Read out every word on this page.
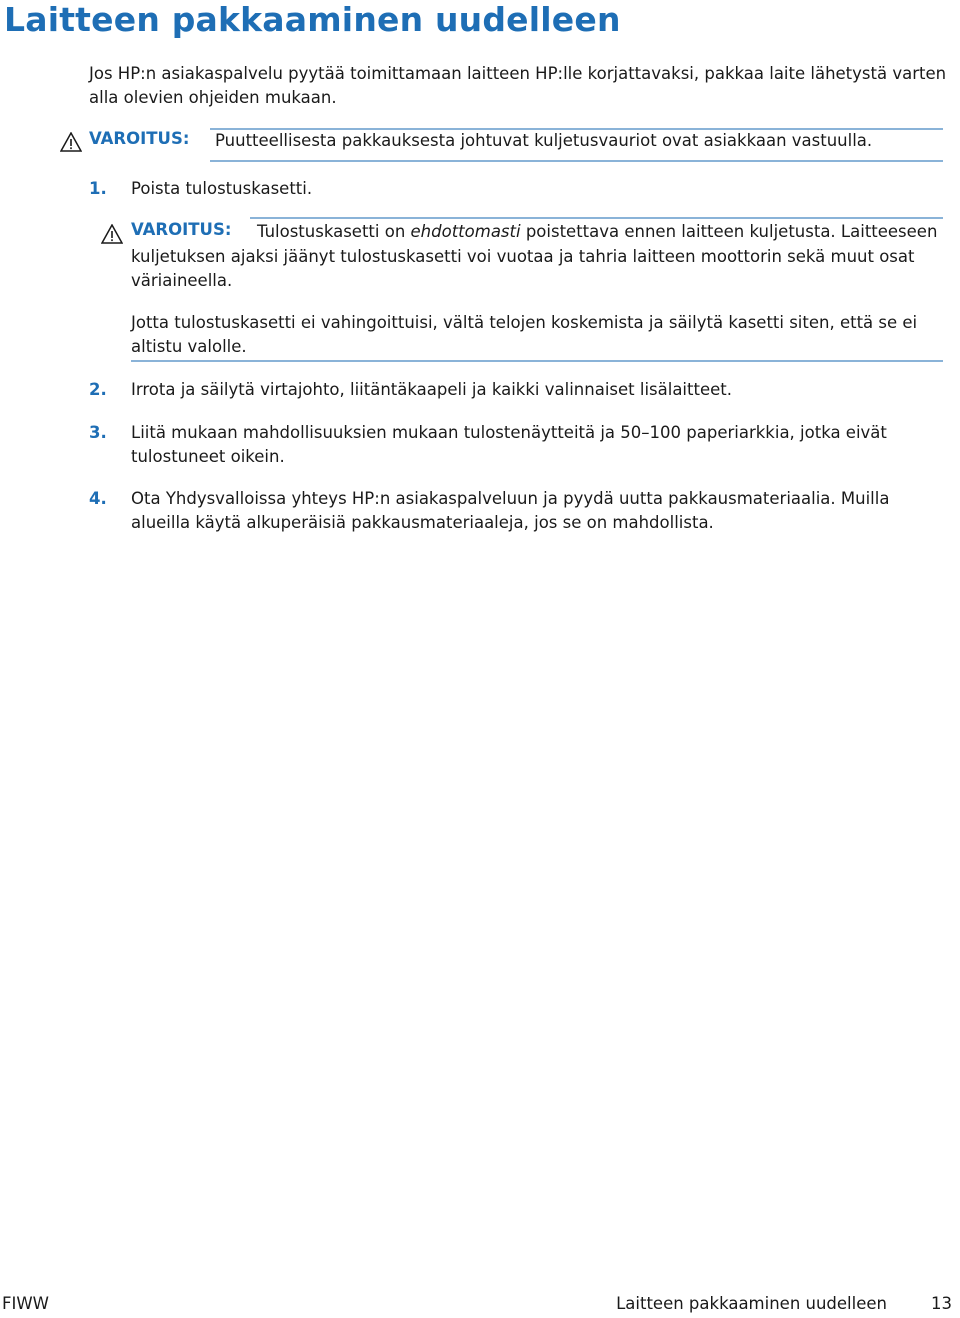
Laitteen pakkaaminen uudelleen

Jos HP:n asiakaspalvelu pyytää toimittamaan laitteen HP:lle korjattavaksi, pakkaa laite lähetystä varten alla olevien ohjeiden mukaan.

VAROITUS: Puutteellisesta pakkauksesta johtuvat kuljetusvauriot ovat asiakkaan vastuulla.
1. Poista tulostuskasetti.
VAROITUS: Tulostuskasetti on ehdottomasti poistettava ennen laitteen kuljetusta. Laitteeseen
kuljetuksen ajaksi jäänyt tulostuskasetti voi vuotaa ja tahria laitteen moottorin sekä muut osat väriaineella.
Jotta tulostuskasetti ei vahingoittuisi, vältä telojen koskemista ja säilytä kasetti siten, että se ei altistu valolle.
2. Irrota ja säilytä virtajohto, liitäntäkaapeli ja kaikki valinnaiset lisälaitteet.
3. Liitä mukaan mahdollisuuksien mukaan tulostenäytteitä ja 50–100 paperiarkkia, jotka eivät tulostuneet oikein.
4. Ota Yhdysvalloissa yhteys HP:n asiakaspalveluun ja pyydä uutta pakkausmateriaalia. Muilla alueilla käytä alkuperäisiä pakkausmateriaaleja, jos se on mahdollista.
FIWW	Laitteen pakkaaminen uudelleen	13
